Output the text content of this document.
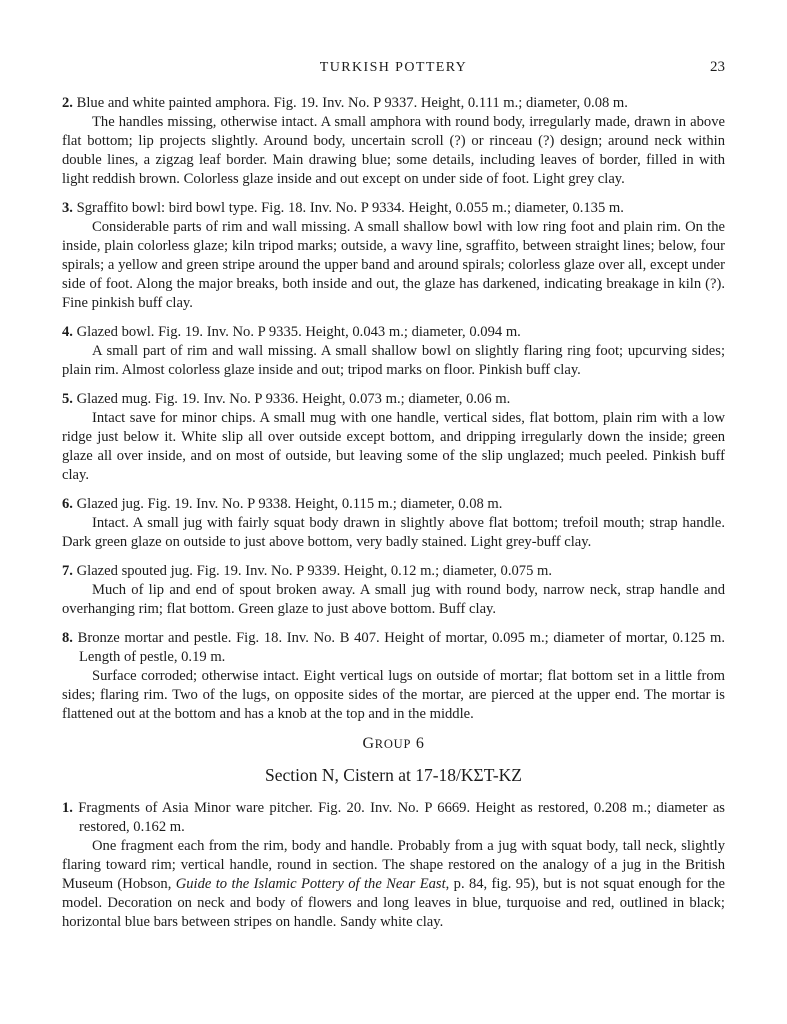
TURKISH POTTERY	23
2. Blue and white painted amphora. Fig. 19. Inv. No. P 9337. Height, 0.111 m.; diameter, 0.08 m.
The handles missing, otherwise intact. A small amphora with round body, irregularly made, drawn in above flat bottom; lip projects slightly. Around body, uncertain scroll (?) or rinceau (?) design; around neck within double lines, a zigzag leaf border. Main drawing blue; some details, including leaves of border, filled in with light reddish brown. Colorless glaze inside and out except on under side of foot. Light grey clay.
3. Sgraffito bowl: bird bowl type. Fig. 18. Inv. No. P 9334. Height, 0.055 m.; diameter, 0.135 m.
Considerable parts of rim and wall missing. A small shallow bowl with low ring foot and plain rim. On the inside, plain colorless glaze; kiln tripod marks; outside, a wavy line, sgraffito, between straight lines; below, four spirals; a yellow and green stripe around the upper band and around spirals; colorless glaze over all, except under side of foot. Along the major breaks, both inside and out, the glaze has darkened, indicating breakage in kiln (?). Fine pinkish buff clay.
4. Glazed bowl. Fig. 19. Inv. No. P 9335. Height, 0.043 m.; diameter, 0.094 m.
A small part of rim and wall missing. A small shallow bowl on slightly flaring ring foot; upcurving sides; plain rim. Almost colorless glaze inside and out; tripod marks on floor. Pinkish buff clay.
5. Glazed mug. Fig. 19. Inv. No. P 9336. Height, 0.073 m.; diameter, 0.06 m.
Intact save for minor chips. A small mug with one handle, vertical sides, flat bottom, plain rim with a low ridge just below it. White slip all over outside except bottom, and dripping irregularly down the inside; green glaze all over inside, and on most of outside, but leaving some of the slip unglazed; much peeled. Pinkish buff clay.
6. Glazed jug. Fig. 19. Inv. No. P 9338. Height, 0.115 m.; diameter, 0.08 m.
Intact. A small jug with fairly squat body drawn in slightly above flat bottom; trefoil mouth; strap handle. Dark green glaze on outside to just above bottom, very badly stained. Light grey-buff clay.
7. Glazed spouted jug. Fig. 19. Inv. No. P 9339. Height, 0.12 m.; diameter, 0.075 m.
Much of lip and end of spout broken away. A small jug with round body, narrow neck, strap handle and overhanging rim; flat bottom. Green glaze to just above bottom. Buff clay.
8. Bronze mortar and pestle. Fig. 18. Inv. No. B 407. Height of mortar, 0.095 m.; diameter of mortar, 0.125 m. Length of pestle, 0.19 m.
Surface corroded; otherwise intact. Eight vertical lugs on outside of mortar; flat bottom set in a little from sides; flaring rim. Two of the lugs, on opposite sides of the mortar, are pierced at the upper end. The mortar is flattened out at the bottom and has a knob at the top and in the middle.
GROUP 6
Section N, Cistern at 17-18/ΚΣΤ-ΚΖ
1. Fragments of Asia Minor ware pitcher. Fig. 20. Inv. No. P 6669. Height as restored, 0.208 m.; diameter as restored, 0.162 m.
One fragment each from the rim, body and handle. Probably from a jug with squat body, tall neck, slightly flaring toward rim; vertical handle, round in section. The shape restored on the analogy of a jug in the British Museum (Hobson, Guide to the Islamic Pottery of the Near East, p. 84, fig. 95), but is not squat enough for the model. Decoration on neck and body of flowers and long leaves in blue, turquoise and red, outlined in black; horizontal blue bars between stripes on handle. Sandy white clay.
